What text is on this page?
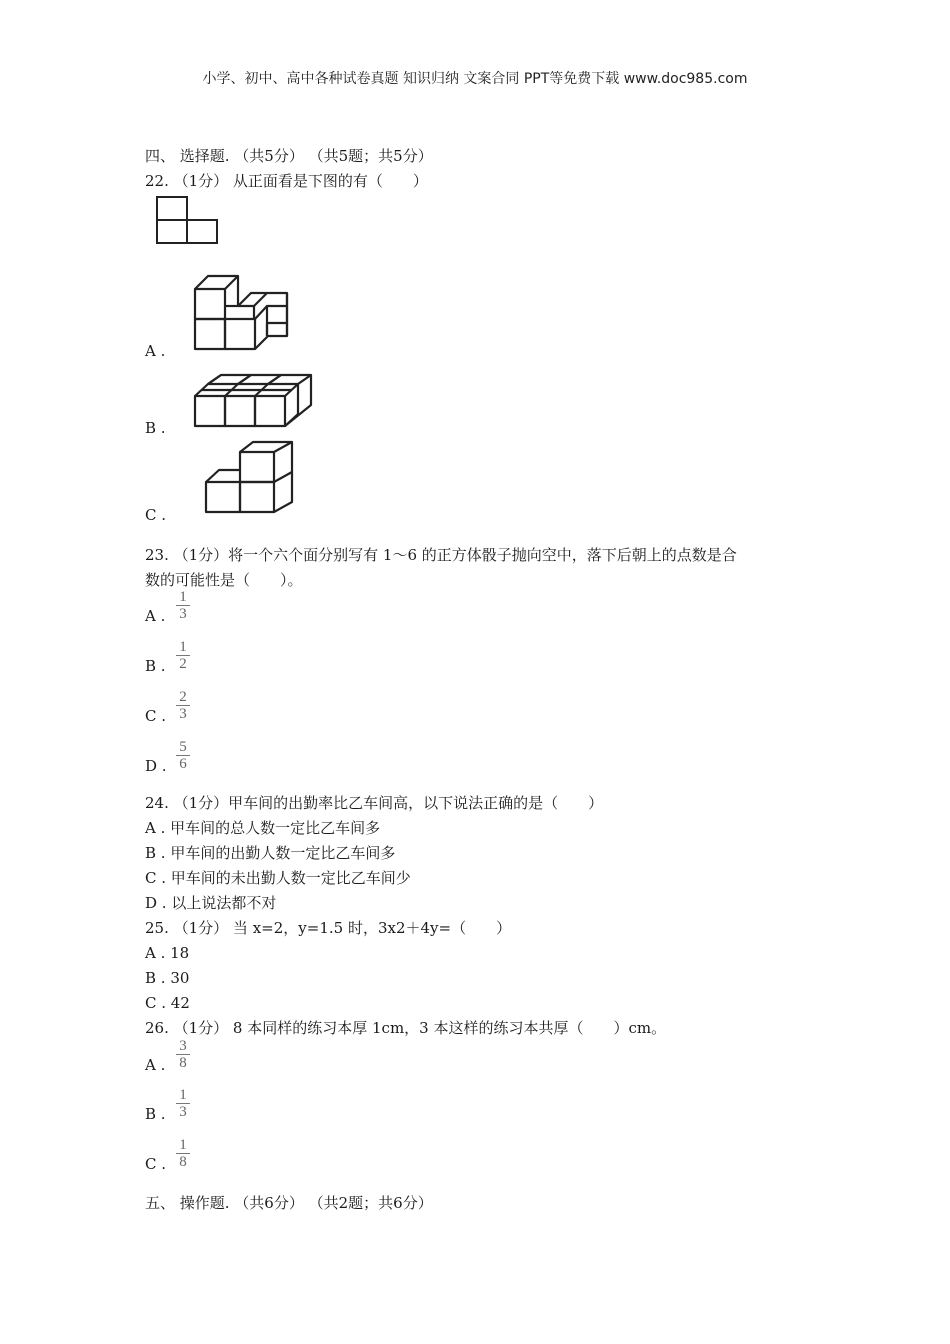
小学、初中、高中各种试卷真题 知识归纳 文案合同 PPT等免费下载 www.doc985.com
四、 选择题. （共5分） （共5题；共5分）
22. （1分） 从正面看是下图的有（　　）
A .
B .
C .
23. （1分）将一个六个面分别写有 1～6 的正方体骰子抛向空中，落下后朝上的点数是合
数的可能性是（　　）。
A .
1
3
B .
1
2
C .
2
3
D .
5
6
24. （1分）甲车间的出勤率比乙车间高，以下说法正确的是（　　）
A . 甲车间的总人数一定比乙车间多
B . 甲车间的出勤人数一定比乙车间多
C . 甲车间的未出勤人数一定比乙车间少
D . 以上说法都不对
25. （1分） 当 x=2，y=1.5 时，3x2＋4y=（　　）
A . 18
B . 30
C . 42
26. （1分） 8 本同样的练习本厚 1cm，3 本这样的练习本共厚（　　）cm。
A .
3
8
B .
1
3
C .
1
8
五、 操作题. （共6分） （共2题；共6分）
